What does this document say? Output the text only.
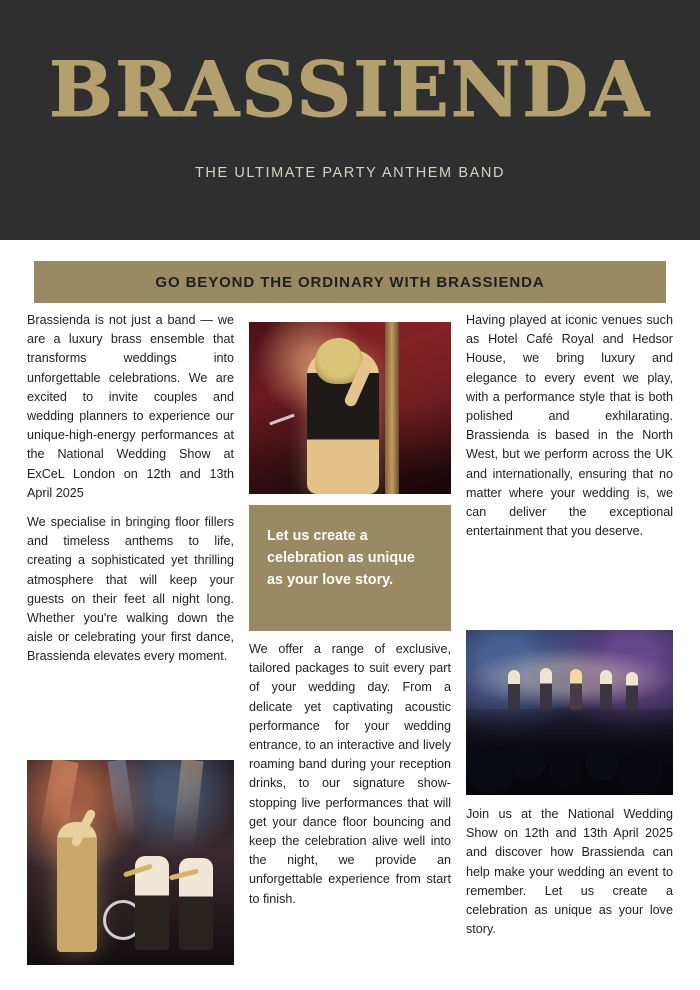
BRASSIENDA
THE ULTIMATE PARTY ANTHEM BAND
GO BEYOND THE ORDINARY WITH BRASSIENDA

Brassienda is not just a band — we are a luxury brass ensemble that transforms weddings into unforgettable celebrations. We are excited to invite couples and wedding planners to experience our unique-high-energy performances at the National Wedding Show at ExCeL London on 12th and 13th April 2025

We specialise in bringing floor fillers and timeless anthems to life, creating a sophisticated yet thrilling atmosphere that will keep your guests on their feet all night long. Whether you're walking down the aisle or celebrating your first dance, Brassienda elevates every moment.

Let us create a celebration as unique as your love story.

We offer a range of exclusive, tailored packages to suit every part of your wedding day. From a delicate yet captivating acoustic performance for your wedding entrance, to an interactive and lively roaming band during your reception drinks, to our signature show-stopping live performances that will get your dance floor bouncing and keep the celebration alive well into the night, we provide an unforgettable experience from start to finish.

Having played at iconic venues such as Hotel Café Royal and Hedsor House, we bring luxury and elegance to every event we play, with a performance style that is both polished and exhilarating. Brassienda is based in the North West, but we perform across the UK and internationally, ensuring that no matter where your wedding is, we can deliver the exceptional entertainment that you deserve.

Join us at the National Wedding Show on 12th and 13th April 2025 and discover how Brassienda can help make your wedding an event to remember. Let us create a celebration as unique as your love story.
